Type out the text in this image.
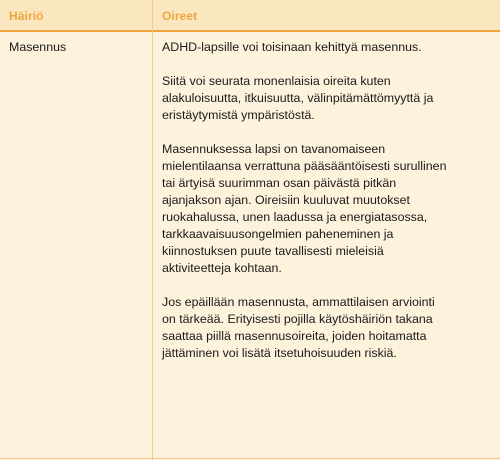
Häiriö	Oireet
Masennus	ADHD-lapsille voi toisinaan kehittyä masennus.

Siitä voi seurata monenlaisia oireita kuten
alakuloisuutta, itkuisuutta, välinpitämättömyyttä ja
eristäytymistä ympäristöstä.

Masennuksessa lapsi on tavanomaiseen
mielentilaansa verrattuna pääsääntöisesti surullinen
tai ärtyisä suurimman osan päivästä pitkän
ajanjakson ajan. Oireisiin kuuluvat muutokset
ruokahalussa, unen laadussa ja energiatasossa,
tarkkaavaisuusongelmien paheneminen ja
kiinnostuksen puute tavallisesti mieleisiä
aktiviteetteja kohtaan.

Jos epäillään masennusta, ammattilaisen arviointi
on tärkeää. Erityisesti pojilla käytöshäiriön takana
saattaa piillä masennusoireita, joiden hoitamatta
jättäminen voi lisätä itsetuhoisuuden riskiä.
